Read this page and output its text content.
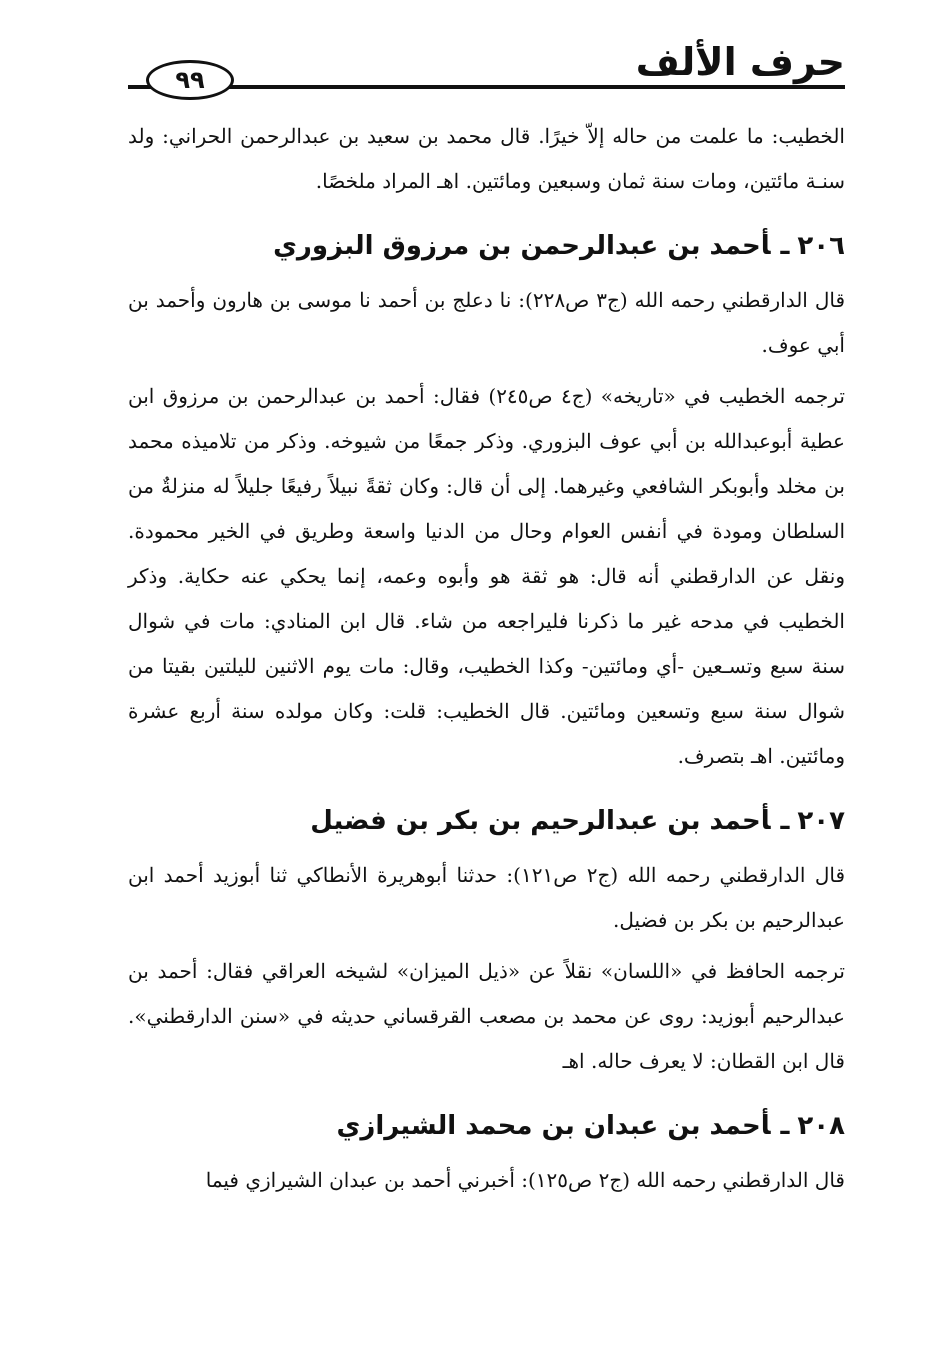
حرف الألف
٩٩

الخطيب: ما علمت من حاله إلاّ خيرًا. قال محمد بن سعيد بن عبدالرحمن الحراني: ولد سنـة مائتين، ومات سنة ثمان وسبعين ومائتين. اهـ المراد ملخصًا.

٢٠٦ـأحمد بن عبدالرحمن بن مرزوق البزوري

قال الدارقطني رحمه الله (ج٣ ص٢٢٨): نا دعلج بن أحمد نا موسى بن هارون وأحمد بن أبي عوف.

ترجمه الخطيب في «تاريخه» (ج٤ ص٢٤٥) فقال: أحمد بن عبدالرحمن بن مرزوق ابن عطية أبوعبدالله بن أبي عوف البزوري. وذكر جمعًا من شيوخه. وذكر من تلاميذه محمد بن مخلد وأبوبكر الشافعي وغيرهما. إلى أن قال: وكان ثقةً نبيلاً رفيعًا جليلاً له منزلةٌ من السلطان ومودة في أنفس العوام وحال من الدنيا واسعة وطريق في الخير محمودة. ونقل عن الدارقطني أنه قال: هو ثقة هو وأبوه وعمه، إنما يحكي عنه حكاية. وذكر الخطيب في مدحه غير ما ذكرنا فليراجعه من شاء. قال ابن المنادي: مات في شوال سنة سبع وتسـعين -أي ومائتين- وكذا الخطيب، وقال: مات يوم الاثنين لليلتين بقيتا من شوال سنة سبع وتسعين ومائتين. قال الخطيب: قلت: وكان مولده سنة أربع عشرة ومائتين. اهـ بتصرف.

٢٠٧ـأحمد بن عبدالرحيم بن بكر بن فضيل

قال الدارقطني رحمه الله (ج٢ ص١٢١): حدثنا أبوهريرة الأنطاكي ثنا أبوزيد أحمد ابن عبدالرحيم بن بكر بن فضيل.

ترجمه الحافظ في «اللسان» نقلاً عن «ذيل الميزان» لشيخه العراقي فقال: أحمد بن عبدالرحيم أبوزيد: روى عن محمد بن مصعب القرقساني حديثه في «سنن الدارقطني». قال ابن القطان: لا يعرف حاله. اهـ

٢٠٨ـأحمد بن عبدان بن محمد الشيرازي

قال الدارقطني رحمه الله (ج٢ ص١٢٥): أخبرني أحمد بن عبدان الشيرازي فيما
